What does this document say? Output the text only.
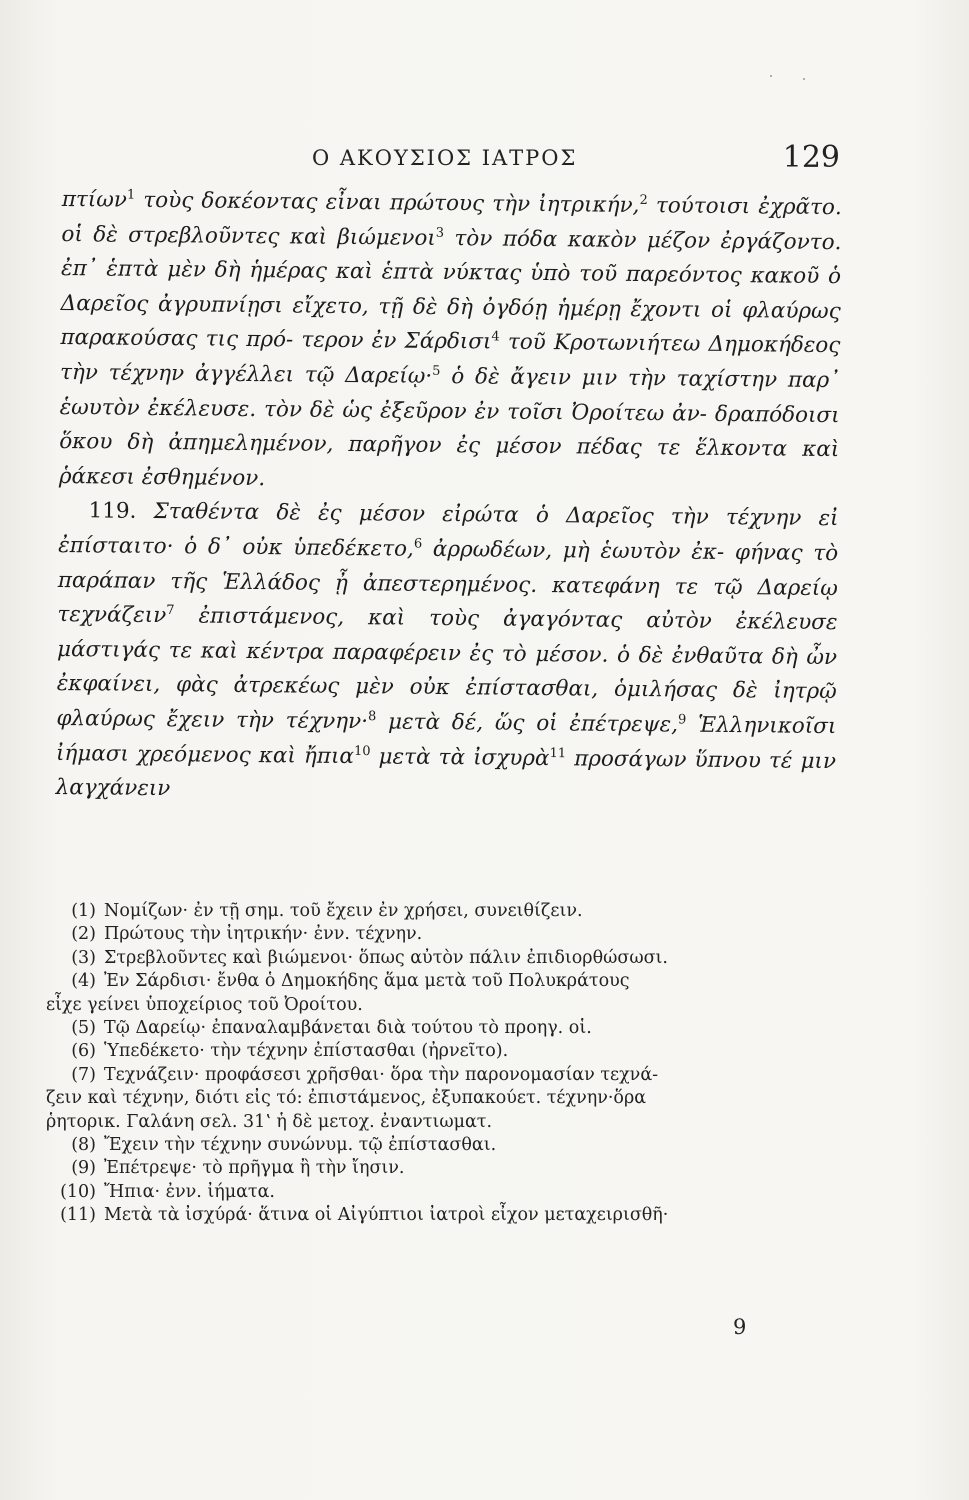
Ο ΑΚΟΥΣΙΟΣ ΙΑΤΡΟΣ	129

πτίων$^1$ τοὺς δοκέοντας εἶναι πρώτους τὴν ἰητρικήν,$^2$ τούτοισι ἐχρᾶτο. οἱ δὲ στρεβλοῦντες καὶ βιώμενοι$^3$ τὸν πόδα κακὸν μέζον ἐργάζοντο. ἐπ᾿ ἑπτὰ μὲν δὴ ἡμέρας καὶ ἑπτὰ νύκτας ὑπὸ τοῦ παρεόντος κακοῦ ὁ Δαρεῖος ἀγρυπνίῃσι εἴχετο, τῇ δὲ δὴ ὀγδόῃ ἡμέρῃ ἔχοντι οἱ φλαύρως παρακούσας τις πρό- τερον ἐν Σάρδισι$^4$ τοῦ Κροτωνιήτεω Δημοκήδεος τὴν τέχνην ἀγγέλλει τῷ Δαρείῳ·$^5$ ὁ δὲ ἄγειν μιν τὴν ταχίστην παρ᾿ ἑωυτὸν ἐκέλευσε. τὸν δὲ ὡς ἐξεῦρον ἐν τοῖσι Ὀροίτεω ἀν- δραπόδοισι ὅκου δὴ ἀπημελημένον, παρῆγον ἐς μέσον πέδας τε ἕλκοντα καὶ ῥάκεσι ἐσθημένον.

119. Σταθέντα δὲ ἐς μέσον εἰρώτα ὁ Δαρεῖος τὴν τέχνην εἰ ἐπίσταιτο· ὁ δ᾿ οὐκ ὑπεδέκετο,$^6$ ἀρρωδέων, μὴ ἑωυτὸν ἐκ- φήνας τὸ παράπαν τῆς Ἑλλάδος ᾖ ἀπεστερημένος. κατεφάνη τε τῷ Δαρείῳ τεχνάζειν$^7$ ἐπιστάμενος, καὶ τοὺς ἀγαγόντας αὐτὸν ἐκέλευσε μάστιγάς τε καὶ κέντρα παραφέρειν ἐς τὸ μέσον. ὁ δὲ ἐνθαῦτα δὴ ὦν ἐκφαίνει, φὰς ἀτρεκέως μὲν οὐκ ἐπίστασθαι, ὁμιλήσας δὲ ἰητρῷ φλαύρως ἔχειν τὴν τέχνην·$^8$ μετὰ δέ, ὥς οἱ ἐπέτρεψε,$^9$ Ἑλληνικοῖσι ἰήμασι χρεόμενος καὶ ἤπια$^{10}$ μετὰ τὰ ἰσχυρὰ$^{11}$ προσάγων ὕπνου τέ μιν λαγχάνειν

(1) Νομίζων· ἐν τῇ σημ. τοῦ ἔχειν ἐν χρήσει, συνειθίζειν.
(2) Πρώτους τὴν ἰητρικήν· ἐνν. τέχνην.
(3) Στρεβλοῦντες καὶ βιώμενοι· ὅπως αὐτὸν πάλιν ἐπιδιορθώσωσι.
(4) Ἐν Σάρδισι· ἔνθα ὁ Δημοκήδης ἅμα μετὰ τοῦ Πολυκράτους
εἶχε γείνει ὑποχείριος τοῦ Ὀροίτου.
(5) Τῷ Δαρείῳ· ἐπαναλαμβάνεται διὰ τούτου τὸ προηγ. οἱ.
(6) Ὑπεδέκετο· τὴν τέχνην ἐπίστασθαι (ἠρνεῖτο).
(7) Τεχνάζειν· προφάσεσι χρῆσθαι· ὅρα τὴν παρονομασίαν τεχνά-
ζειν καὶ τέχνην, διότι εἰς τό: ἐπιστάμενος, ἐξυπακούετ. τέχνην·ὅρα
ῥητορικ. Γαλάνη σελ. 31ʽ ἡ δὲ μετοχ. ἐναντιωματ.
(8) Ἔχειν τὴν τέχνην συνώνυμ. τῷ ἐπίστασθαι.
(9) Ἐπέτρεψε· τὸ πρῆγμα ἢ τὴν ἴησιν.
(10) Ἤπια· ἐνν. ἰήματα.
(11) Μετὰ τὰ ἰσχύρά· ἅτινα οἱ Αἰγύπτιοι ἰατροὶ εἶχον μεταχειρισθῆ·
9
